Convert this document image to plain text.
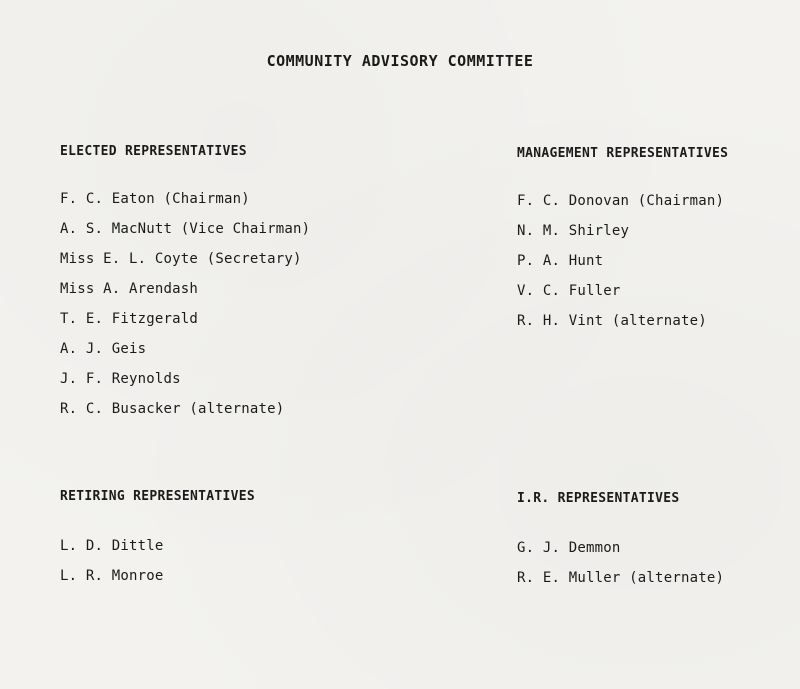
COMMUNITY ADVISORY COMMITTEE
ELECTED REPRESENTATIVES
F. C. Eaton (Chairman)
A. S. MacNutt (Vice Chairman)
Miss E. L. Coyte (Secretary)
Miss A. Arendash
T. E. Fitzgerald
A. J. Geis
J. F. Reynolds
R. C. Busacker (alternate)
MANAGEMENT REPRESENTATIVES
F. C. Donovan (Chairman)
N. M. Shirley
P. A. Hunt
V. C. Fuller
R. H. Vint (alternate)
RETIRING REPRESENTATIVES
L. D. Dittle
L. R. Monroe
I.R. REPRESENTATIVES
G. J. Demmon
R. E. Muller (alternate)
